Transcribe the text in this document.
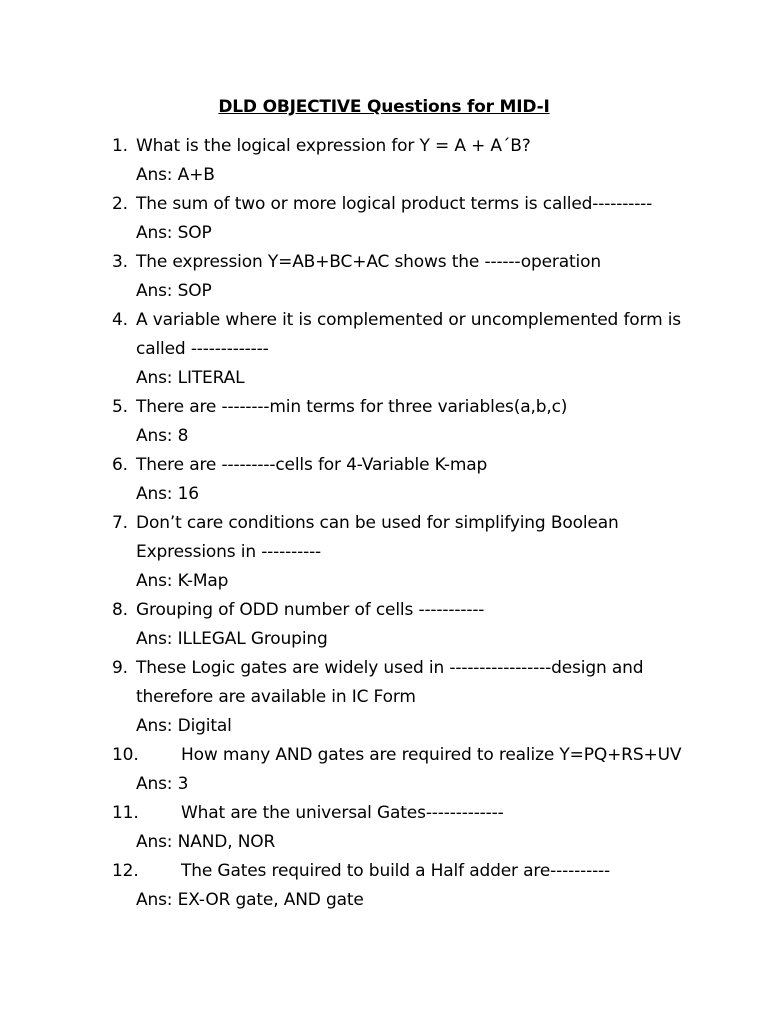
DLD OBJECTIVE Questions for MID-I
1. What is the logical expression for Y = A + A´B?
Ans: A+B
2. The sum of two or more logical product terms is called----------
Ans: SOP
3. The expression Y=AB+BC+AC shows the ------operation
Ans: SOP
4. A variable where it is complemented or uncomplemented form is called -------------
Ans: LITERAL
5. There are --------min terms for three variables(a,b,c)
Ans: 8
6. There are ---------cells for 4-Variable K-map
Ans: 16
7. Don’t care conditions can be used for simplifying Boolean Expressions in ----------
Ans: K-Map
8. Grouping of ODD number of cells -----------
Ans: ILLEGAL Grouping
9. These Logic gates are widely used in -----------------design and therefore are available in IC Form
Ans: Digital
10.	How many AND gates are required to realize Y=PQ+RS+UV
Ans: 3
11.	What are the universal Gates-------------
Ans: NAND, NOR
12.	The Gates required to build a Half adder are----------
Ans: EX-OR gate, AND gate
